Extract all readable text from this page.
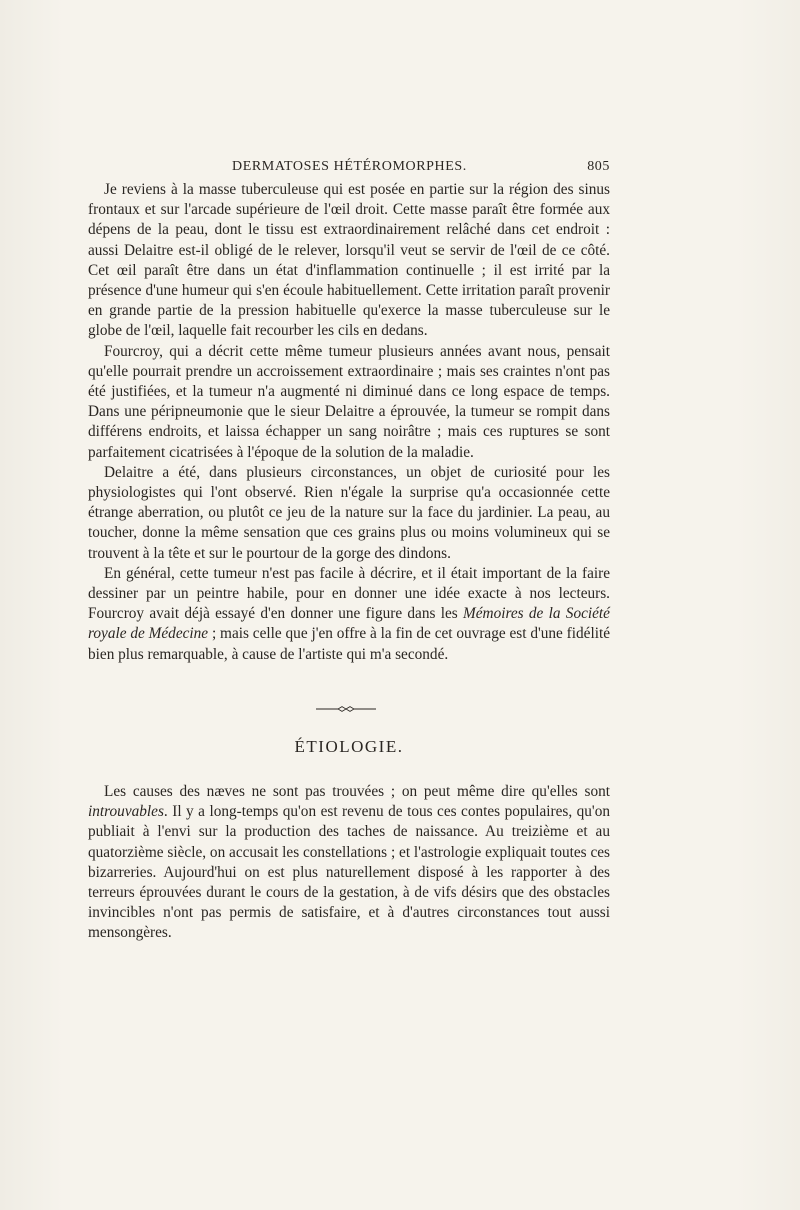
DERMATOSES HÉTÉROMORPHES.	805

Je reviens à la masse tuberculeuse qui est posée en partie sur la région des sinus frontaux et sur l'arcade supérieure de l'œil droit. Cette masse paraît être formée aux dépens de la peau, dont le tissu est extraordinairement relâché dans cet endroit : aussi Delaitre est-il obligé de le relever, lorsqu'il veut se servir de l'œil de ce côté. Cet œil paraît être dans un état d'inflammation continuelle ; il est irrité par la présence d'une humeur qui s'en écoule habituellement. Cette irritation paraît provenir en grande partie de la pression habituelle qu'exerce la masse tuberculeuse sur le globe de l'œil, laquelle fait recourber les cils en dedans.

Fourcroy, qui a décrit cette même tumeur plusieurs années avant nous, pensait qu'elle pourrait prendre un accroissement extraordinaire ; mais ses craintes n'ont pas été justifiées, et la tumeur n'a augmenté ni diminué dans ce long espace de temps. Dans une péripneumonie que le sieur Delaitre a éprouvée, la tumeur se rompit dans différens endroits, et laissa échapper un sang noirâtre ; mais ces ruptures se sont parfaitement cicatrisées à l'époque de la solution de la maladie.

Delaitre a été, dans plusieurs circonstances, un objet de curiosité pour les physiologistes qui l'ont observé. Rien n'égale la surprise qu'a occasionnée cette étrange aberration, ou plutôt ce jeu de la nature sur la face du jardinier. La peau, au toucher, donne la même sensation que ces grains plus ou moins volumineux qui se trouvent à la tête et sur le pourtour de la gorge des dindons.

En général, cette tumeur n'est pas facile à décrire, et il était important de la faire dessiner par un peintre habile, pour en donner une idée exacte à nos lecteurs. Fourcroy avait déjà essayé d'en donner une figure dans les Mémoires de la Société royale de Médecine ; mais celle que j'en offre à la fin de cet ouvrage est d'une fidélité bien plus remarquable, à cause de l'artiste qui m'a secondé.

ÉTIOLOGIE.

Les causes des næves ne sont pas trouvées ; on peut même dire qu'elles sont introuvables. Il y a long-temps qu'on est revenu de tous ces contes populaires, qu'on publiait à l'envi sur la production des taches de naissance. Au treizième et au quatorzième siècle, on accusait les constellations ; et l'astrologie expliquait toutes ces bizarreries. Aujourd'hui on est plus naturellement disposé à les rapporter à des terreurs éprouvées durant le cours de la gestation, à de vifs désirs que des obstacles invincibles n'ont pas permis de satisfaire, et à d'autres circonstances tout aussi mensongères.
